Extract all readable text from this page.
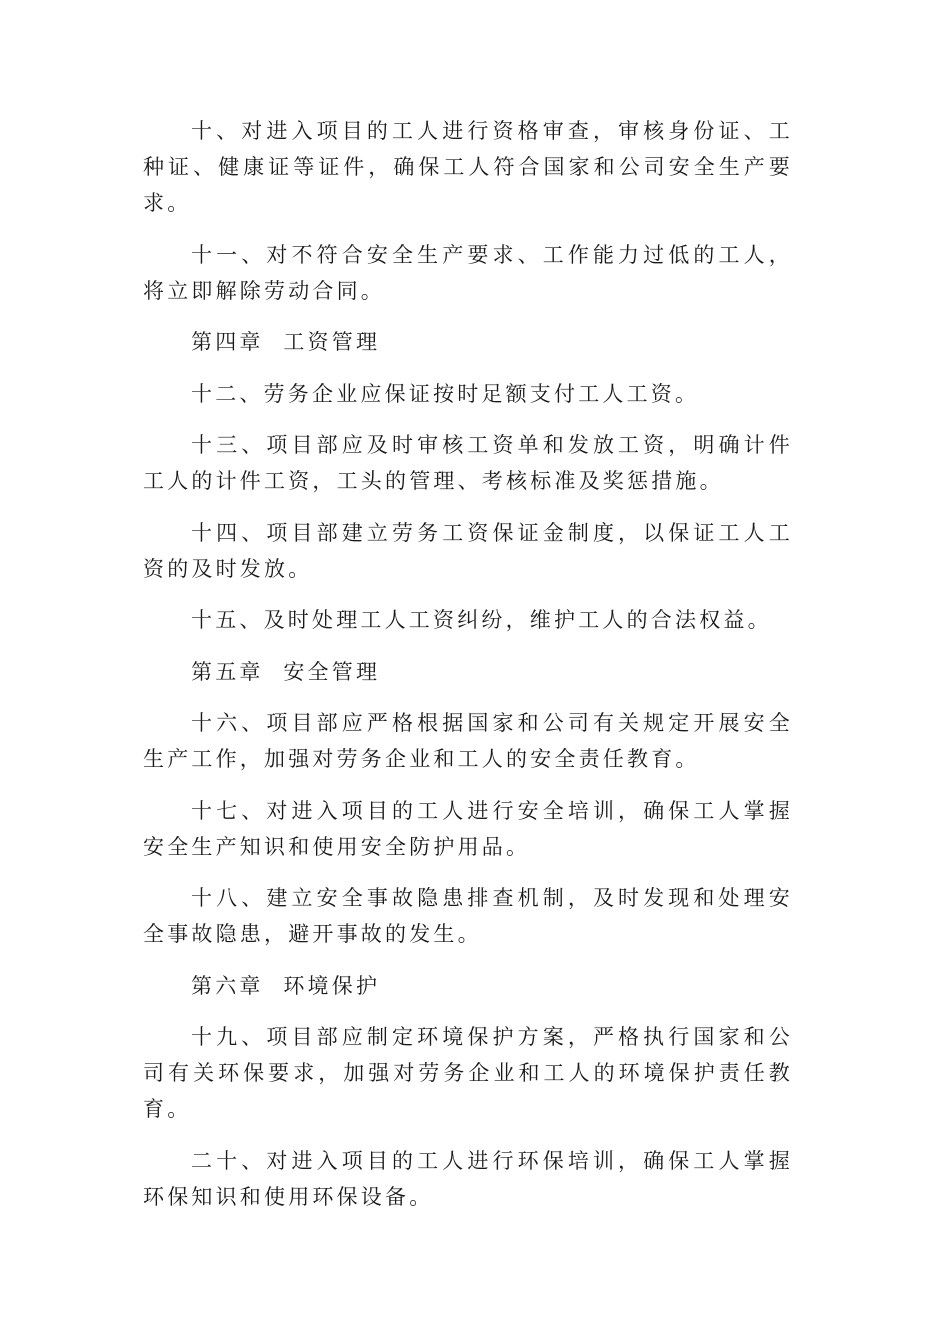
十、对进入项目的工人进行资格审查，审核身份证、工种证、健康证等证件，确保工人符合国家和公司安全生产要求。

十一、对不符合安全生产要求、工作能力过低的工人，将立即解除劳动合同。

第四章  工资管理

十二、劳务企业应保证按时足额支付工人工资。

十三、项目部应及时审核工资单和发放工资，明确计件工人的计件工资，工头的管理、考核标准及奖惩措施。

十四、项目部建立劳务工资保证金制度，以保证工人工资的及时发放。

十五、及时处理工人工资纠纷，维护工人的合法权益。

第五章  安全管理

十六、项目部应严格根据国家和公司有关规定开展安全生产工作，加强对劳务企业和工人的安全责任教育。

十七、对进入项目的工人进行安全培训，确保工人掌握安全生产知识和使用安全防护用品。

十八、建立安全事故隐患排查机制，及时发现和处理安全事故隐患，避开事故的发生。

第六章  环境保护

十九、项目部应制定环境保护方案，严格执行国家和公司有关环保要求，加强对劳务企业和工人的环境保护责任教育。

二十、对进入项目的工人进行环保培训，确保工人掌握环保知识和使用环保设备。
